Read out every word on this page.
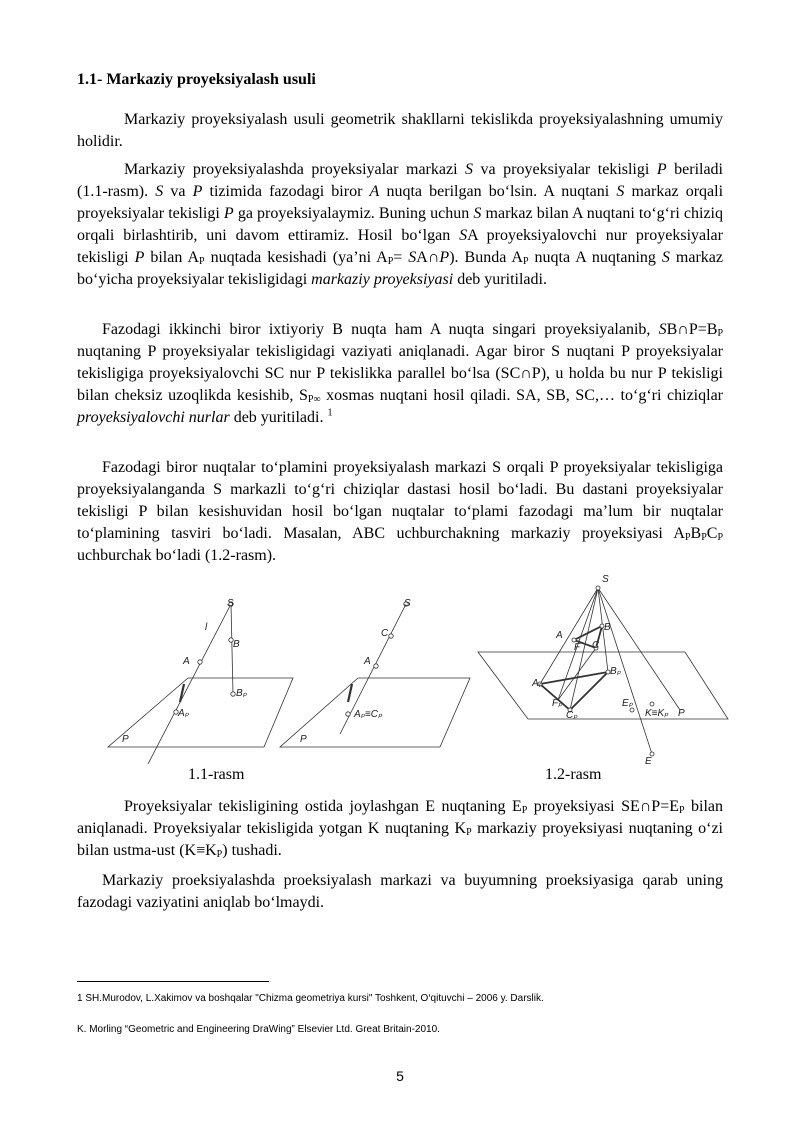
1.1- Markaziy proyeksiyalash usuli

Markaziy proyeksiyalash usuli geometrik shakllarni tekislikda proyeksiyalashning umumiy holidir.

Markaziy proyeksiyalashda proyeksiyalar markazi S va proyeksiyalar tekisligi P beriladi (1.1-rasm). S va P tizimida fazodagi biror A nuqta berilgan bo‘lsin. A nuqtani S markaz orqali proyeksiyalar tekisligi P ga proyeksiyalaymiz. Buning uchun S markaz bilan A nuqtani to‘g‘ri chiziq orqali birlashtirib, uni davom ettiramiz. Hosil bo‘lgan SA proyeksiyalovchi nur proyeksiyalar tekisligi P bilan $A_P$ nuqtada kesishadi (ya’ni $A_P=$ SA∩P). Bunda $A_P$ nuqta A nuqtaning S markaz bo‘yicha proyeksiyalar tekisligidagi markaziy proyeksiyasi deb yuritiladi.

Fazodagi ikkinchi biror ixtiyoriy B nuqta ham A nuqta singari proyeksiyalanib, $SB\cap P=B_P$ nuqtaning P proyeksiyalar tekisligidagi vaziyati aniqlanadi. Agar biror S nuqtani P proyeksiyalar tekisligiga proyeksiyalovchi SC nur P tekislikka parallel bo‘lsa (SC∩P), u holda bu nur P tekisligi bilan cheksiz uzoqlikda kesishib, $S_{P\infty}$ xosmas nuqtani hosil qiladi. SA, SB, SC,… to‘g‘ri chiziqlar proyeksiyalovchi nurlar deb yuritiladi. $^1$

Fazodagi biror nuqtalar to‘plamini proyeksiyalash markazi S orqali P proyeksiyalar tekisligiga proyeksiyalanganda S markazli to‘g‘ri chiziqlar dastasi hosil bo‘ladi. Bu dastani proyeksiyalar tekisligi P bilan kesishuvidan hosil bo‘lgan nuqtalar to‘plami fazodagi ma’lum bir nuqtalar to‘plamining tasviri bo‘ladi. Masalan, ABC uchburchakning markaziy proyeksiyasi $A_PB_PC_P$ uchburchak bo‘ladi (1.2-rasm).

S
B
l
A
Bₚ
Aₚ
P
S
C
A
Aₚ≡Cₚ
P
S
A
B
C
F
Bₚ
Aₚ
Fₚ
Cₚ
Eₚ
K≡Kₚ P
E
1.1-rasm	1.2-rasm

Proyeksiyalar tekisligining ostida joylashgan E nuqtaning $E_P$ proyeksiyasi $SE\cap P=E_P$ bilan aniqlanadi. Proyeksiyalar tekisligida yotgan K nuqtaning $K_P$ markaziy proyeksiyasi nuqtaning o‘zi bilan ustma-ust $(K\equiv K_P)$ tushadi.

Markaziy proeksiyalashda proeksiyalash markazi va buyumning proeksiyasiga qarab uning fazodagi vaziyatini aniqlab bo‘lmaydi.

1 SH.Murodov, L.Xakimov va boshqalar "Chizma geometriya kursi" Toshkent, O‘qituvchi – 2006 y. Darslik.
K. Morling “Geometric and Engineering DraWing” Elsevier Ltd. Great Britain-2010.
5
